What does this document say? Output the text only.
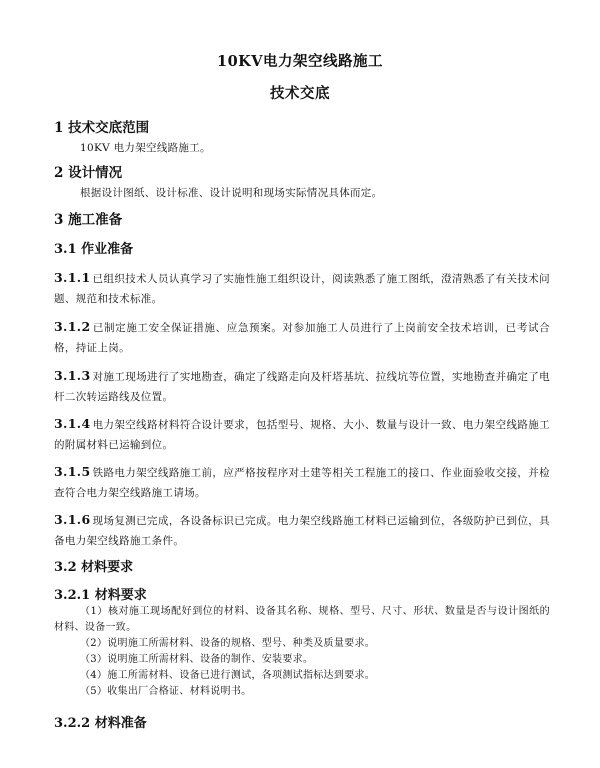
10KV电力架空线路施工
技术交底
1 技术交底范围
10KV 电力架空线路施工。
2 设计情况
根据设计图纸、设计标准、设计说明和现场实际情况具体而定。
3 施工准备
3.1 作业准备
3.1.1 已组织技术人员认真学习了实施性施工组织设计，阅读熟悉了施工图纸，澄清熟悉了有关技术问题、规范和技术标准。
3.1.2 已制定施工安全保证措施、应急预案。对参加施工人员进行了上岗前安全技术培训，已考试合格，持证上岗。
3.1.3 对施工现场进行了实地勘查，确定了线路走向及杆塔基坑、拉线坑等位置，实地勘查并确定了电杆二次转运路线及位置。
3.1.4 电力架空线路材料符合设计要求，包括型号、规格、大小、数量与设计一致、电力架空线路施工的附属材料已运输到位。
3.1.5 铁路电力架空线路施工前，应严格按程序对土建等相关工程施工的接口、作业面验收交接，并检查符合电力架空线路施工请场。
3.1.6 现场复测已完成，各设备标识已完成。电力架空线路施工材料已运输到位，各级防护已到位，具备电力架空线路施工条件。
3.2 材料要求
3.2.1 材料要求
（1）核对施工现场配好到位的材料、设备其名称、规格、型号、尺寸、形状、数量是否与设计图纸的材料、设备一致。
（2）说明施工所需材料、设备的规格、型号、种类及质量要求。
（3）说明施工所需材料、设备的制作、安装要求。
（4）施工所需材料、设备已进行测试，各项测试指标达到要求。
（5）收集出厂合格证、材料说明书。
3.2.2 材料准备
